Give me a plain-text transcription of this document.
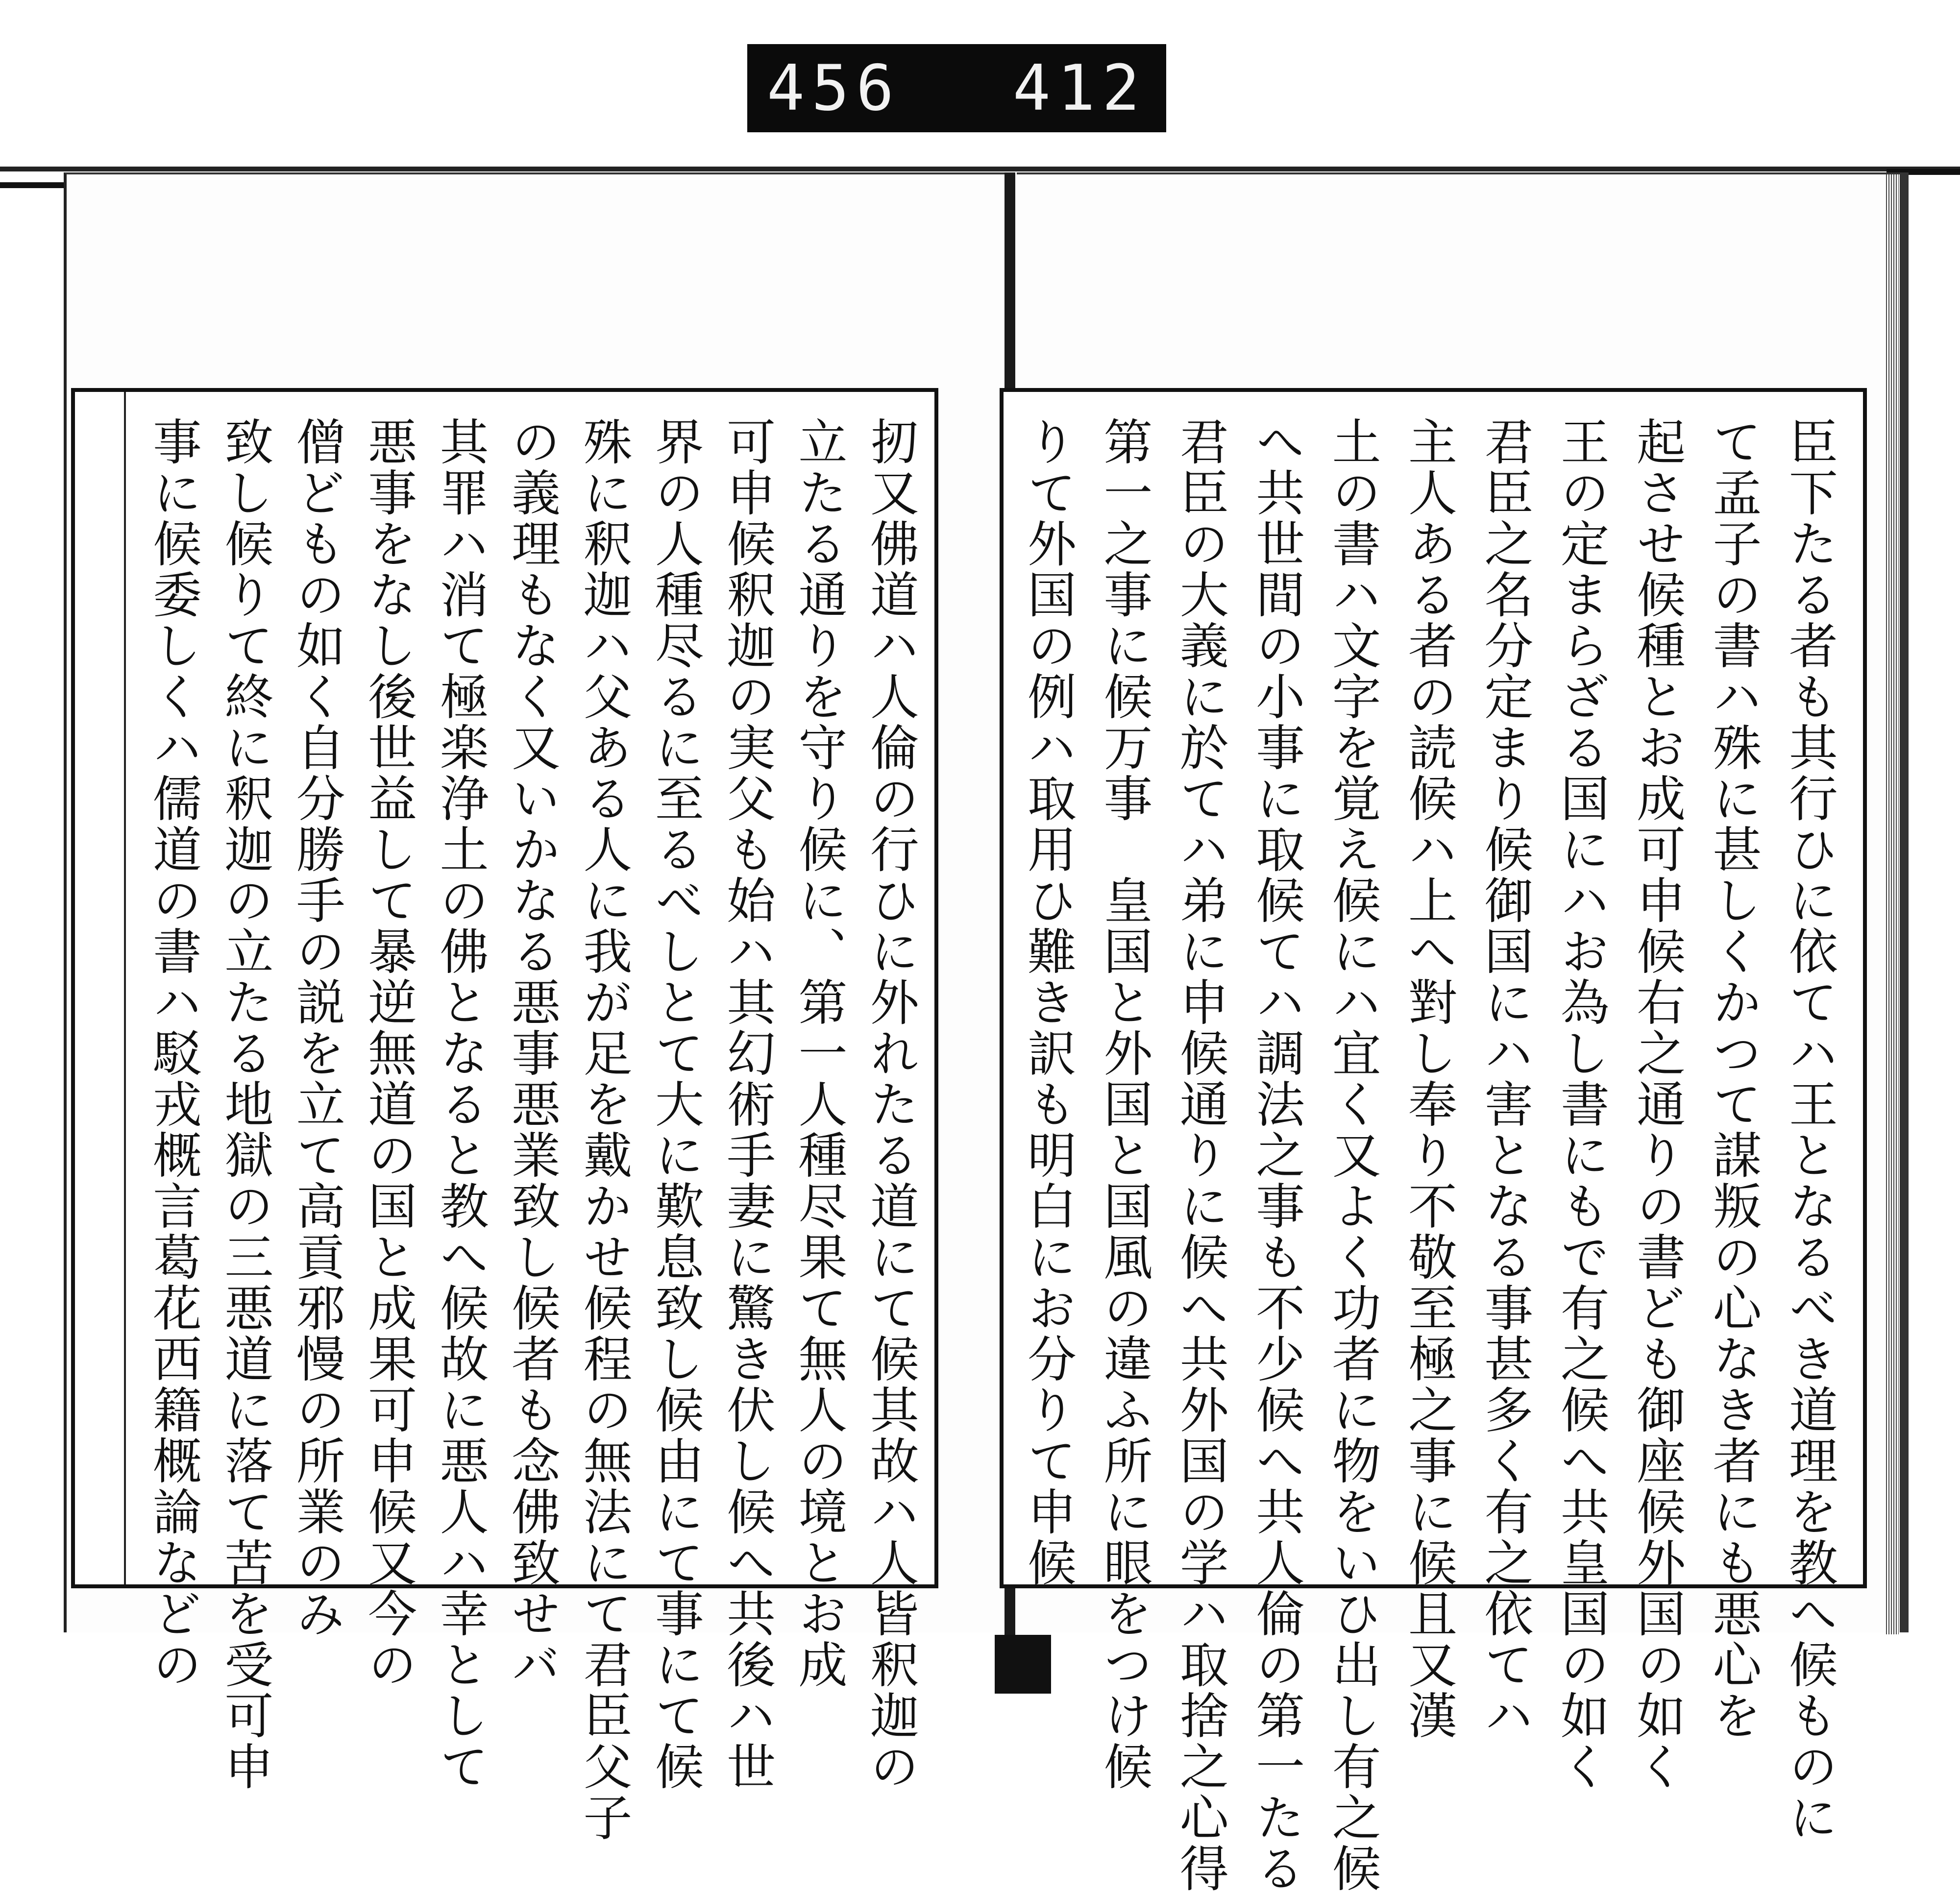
456 412
扨又佛道ハ人倫の行ひに外れたる道にて候其故ハ人皆釈迦の
立たる通りを守り候に、第一人種尽果て無人の境とお成
可申候釈迦の実父も始ハ其幻術手妻に驚き伏し候へ共後ハ世
界の人種尽るに至るべしとて大に歎息致し候由にて事にて候
殊に釈迦ハ父ある人に我が足を戴かせ候程の無法にて君臣父子
の義理もなく又いかなる悪事悪業致し候者も念佛致せバ
其罪ハ消て極楽浄土の佛となると教へ候故に悪人ハ幸として
悪事をなし後世益して暴逆無道の国と成果可申候又今の
僧どもの如く自分勝手の説を立て高貢邪慢の所業のみ
致し候りて終に釈迦の立たる地獄の三悪道に落て苦を受可申
事に候委しくハ儒道の書ハ駁戎概言葛花西籍概論などの	臣下たる者も其行ひに依てハ王となるべき道理を教へ候ものに
て孟子の書ハ殊に甚しくかつて謀叛の心なき者にも悪心を
起させ候種とお成可申候右之通りの書ども御座候外国の如く
王の定まらざる国にハお為し書にもで有之候へ共皇国の如く
君臣之名分定まり候御国にハ害となる事甚多く有之依てハ
主人ある者の読候ハ上へ對し奉り不敬至極之事に候且又漢
土の書ハ文字を覚え候にハ宜く又よく功者に物をいひ出し有之候
へ共世間の小事に取候てハ調法之事も不少候へ共人倫の第一たる
君臣の大義に於てハ弟に申候通りに候へ共外国の学ハ取捨之心得
第一之事に候万事　皇国と外国と国風の違ふ所に眼をつけ候
りて外国の例ハ取用ひ難き訳も明白にお分りて申候
